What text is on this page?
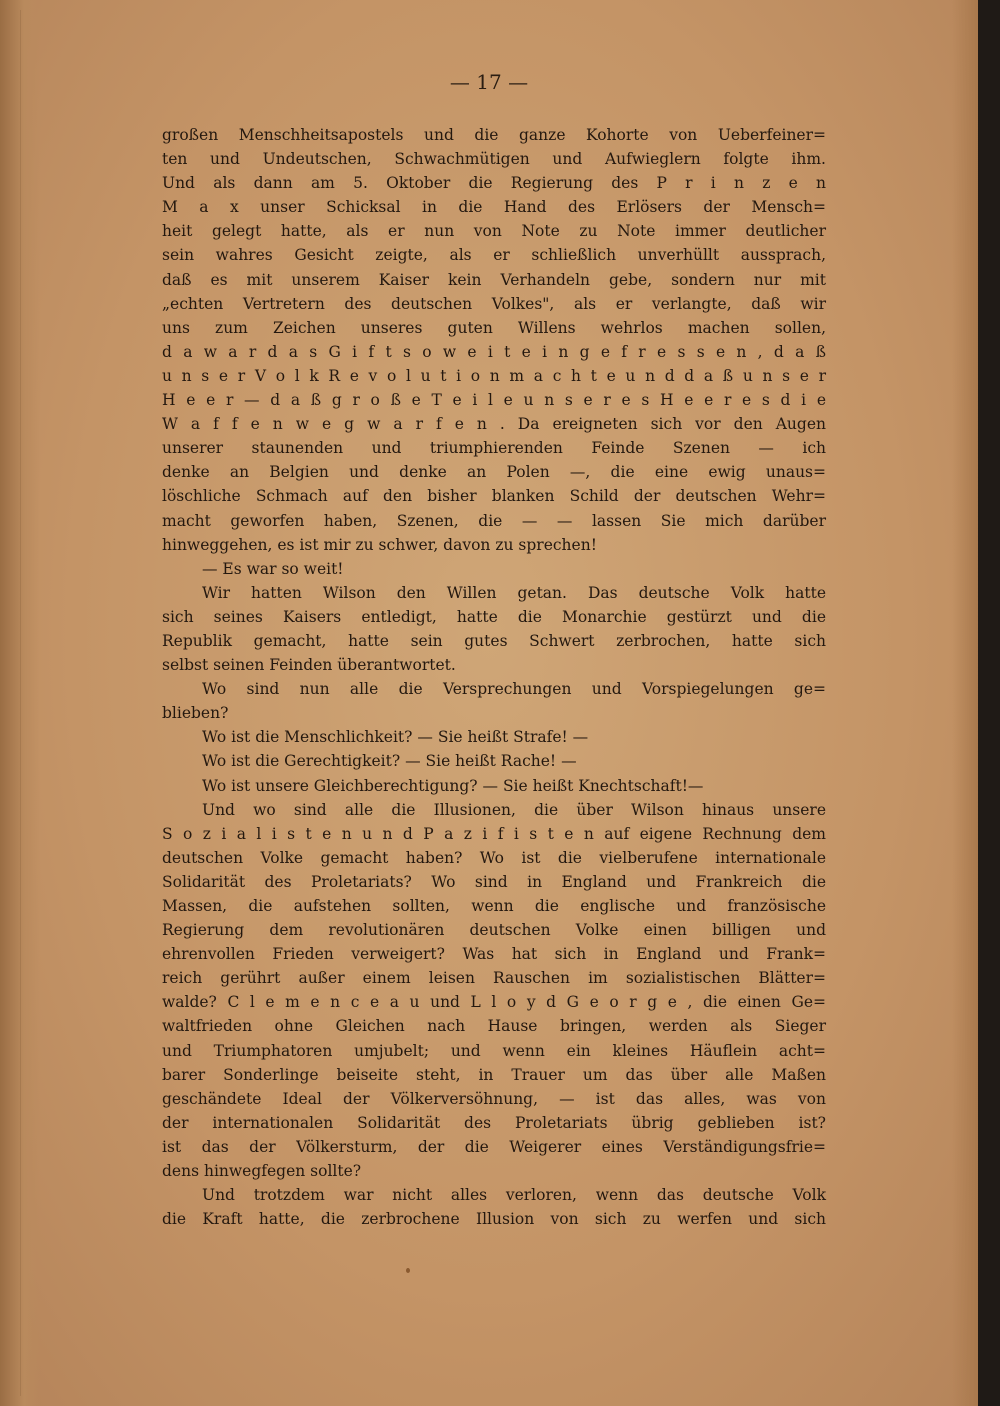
— 17 —

großen Menschheitsapostels und die ganze Kohorte von Ueberfeiner=

ten und Undeutschen, Schwachmütigen und Aufwieglern folgte ihm.

Und als dann am 5. Oktober die Regierung des P r i n z e n

M a x unser Schicksal in die Hand des Erlösers der Mensch=

heit gelegt hatte, als er nun von Note zu Note immer deutlicher

sein wahres Gesicht zeigte, als er schließlich unverhüllt aussprach,

daß es mit unserem Kaiser kein Verhandeln gebe, sondern nur mit

„echten Vertretern des deutschen Volkes", als er verlangte, daß wir

uns zum Zeichen unseres guten Willens wehrlos machen sollen,

d a w a r d a s G i f t s o w e i t e i n g e f r e s s e n , d a ß

u n s e r V o l k R e v o l u t i o n m a c h t e u n d d a ß u n s e r

H e e r — d a ß g r o ß e T e i l e u n s e r e s H e e r e s d i e

W a f f e n w e g w a r f e n . Da ereigneten sich vor den Augen

unserer staunenden und triumphierenden Feinde Szenen — ich

denke an Belgien und denke an Polen —, die eine ewig unaus=

löschliche Schmach auf den bisher blanken Schild der deutschen Wehr=

macht geworfen haben, Szenen, die — — lassen Sie mich darüber

hinweggehen, es ist mir zu schwer, davon zu sprechen!

— Es war so weit!

Wir hatten Wilson den Willen getan. Das deutsche Volk hatte

sich seines Kaisers entledigt, hatte die Monarchie gestürzt und die

Republik gemacht, hatte sein gutes Schwert zerbrochen, hatte sich

selbst seinen Feinden überantwortet.

Wo sind nun alle die Versprechungen und Vorspiegelungen ge=

blieben?

Wo ist die Menschlichkeit? — Sie heißt Strafe! —

Wo ist die Gerechtigkeit? — Sie heißt Rache! —

Wo ist unsere Gleichberechtigung? — Sie heißt Knechtschaft!—

Und wo sind alle die Illusionen, die über Wilson hinaus unsere

S o z i a l i s t e n u n d P a z i f i s t e n auf eigene Rechnung dem

deutschen Volke gemacht haben? Wo ist die vielberufene internationale

Solidarität des Proletariats? Wo sind in England und Frankreich die

Massen, die aufstehen sollten, wenn die englische und französische

Regierung dem revolutionären deutschen Volke einen billigen und

ehrenvollen Frieden verweigert? Was hat sich in England und Frank=

reich gerührt außer einem leisen Rauschen im sozialistischen Blätter=

walde? C l e m e n c e a u und L l o y d G e o r g e , die einen Ge=

waltfrieden ohne Gleichen nach Hause bringen, werden als Sieger

und Triumphatoren umjubelt; und wenn ein kleines Häuflein acht=

barer Sonderlinge beiseite steht, in Trauer um das über alle Maßen

geschändete Ideal der Völkerversöhnung, — ist das alles, was von

der internationalen Solidarität des Proletariats übrig geblieben ist?

ist das der Völkersturm, der die Weigerer eines Verständigungsfrie=

dens hinwegfegen sollte?

Und trotzdem war nicht alles verloren, wenn das deutsche Volk

die Kraft hatte, die zerbrochene Illusion von sich zu werfen und sich
